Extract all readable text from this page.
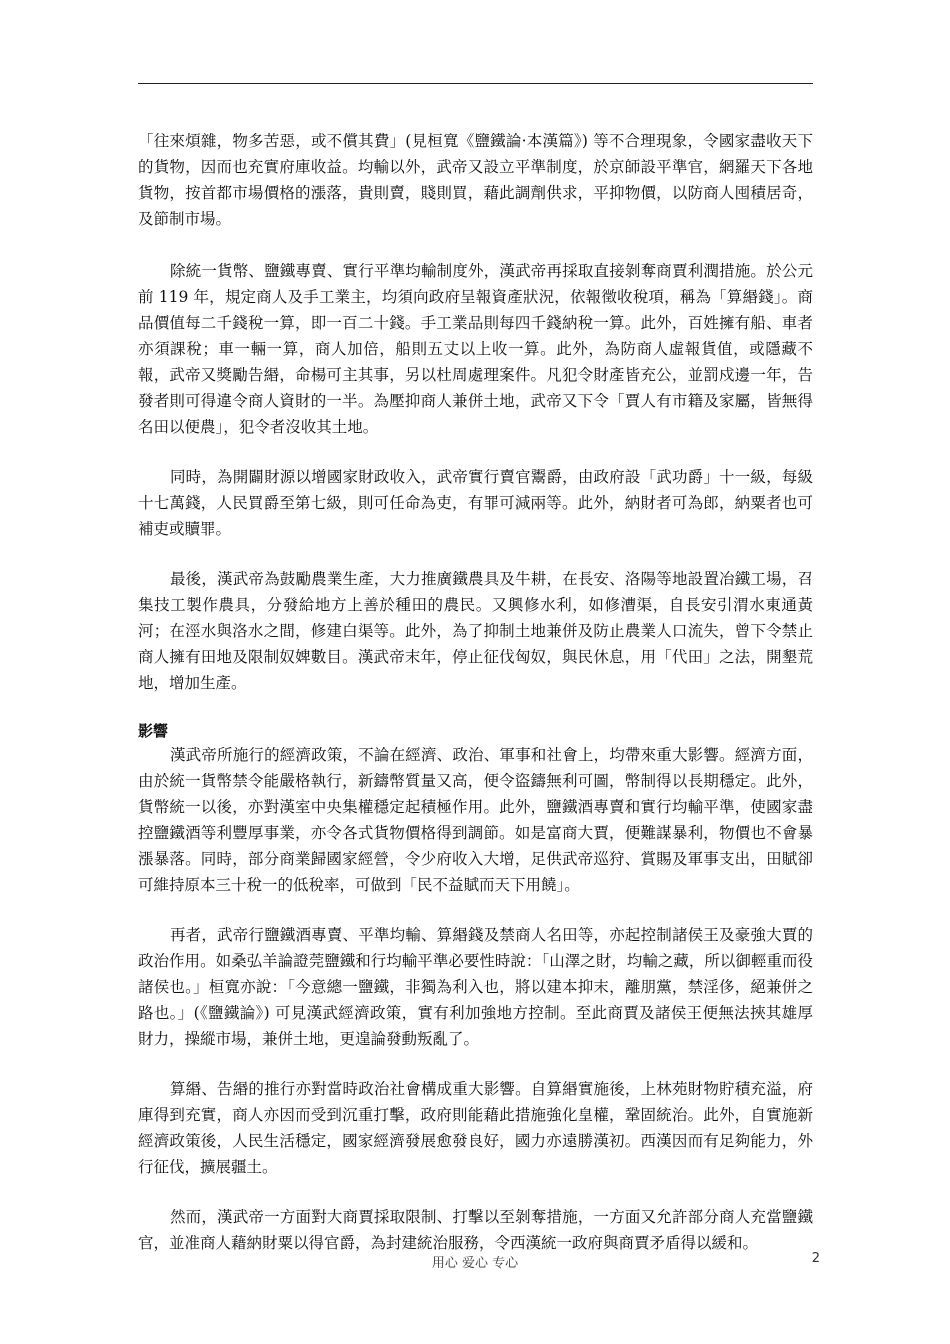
「往來煩雜，物多苦惡，或不償其費」(見桓寬《鹽鐵論·本漢篇》) 等不合理現象，令國家盡收天下的貨物，因而也充實府庫收益。均輸以外，武帝又設立平準制度，於京師設平準官，網羅天下各地貨物，按首都市場價格的漲落，貴則賣，賤則買，藉此調劑供求，平抑物價，以防商人囤積居奇，及節制市場。

除統一貨幣、鹽鐵專賣、實行平準均輸制度外，漢武帝再採取直接剝奪商賈利潤措施。於公元前 119 年，規定商人及手工業主，均須向政府呈報資產狀況，依報徵收稅項，稱為「算緡錢」。商品價值每二千錢稅一算，即一百二十錢。手工業品則每四千錢納稅一算。此外，百姓擁有船、車者亦須課稅；車一輛一算，商人加倍，船則五丈以上收一算。此外，為防商人虛報貨值，或隱藏不報，武帝又獎勵告緡，命楊可主其事，另以杜周處理案件。凡犯令財產皆充公，並罰戍邊一年，告發者則可得違令商人資財的一半。為壓抑商人兼併土地，武帝又下令「賈人有市籍及家屬，皆無得名田以便農」，犯令者沒收其土地。

同時，為開闢財源以增國家財政收入，武帝實行賣官鬻爵，由政府設「武功爵」十一級，每級十七萬錢，人民買爵至第七級，則可任命為吏，有罪可減兩等。此外，納財者可為郎，納粟者也可補吏或贖罪。

最後，漢武帝為鼓勵農業生產，大力推廣鐵農具及牛耕，在長安、洛陽等地設置冶鐵工場，召集技工製作農具，分發給地方上善於種田的農民。又興修水利，如修漕渠，自長安引渭水東通黃河；在涇水與洛水之間，修建白渠等。此外，為了抑制土地兼併及防止農業人口流失，曾下令禁止商人擁有田地及限制奴婢數目。漢武帝末年，停止征伐匈奴，與民休息，用「代田」之法，開墾荒地，增加生產。

影響

漢武帝所施行的經濟政策，不論在經濟、政治、軍事和社會上，均帶來重大影響。經濟方面，由於統一貨幣禁令能嚴格執行，新鑄幣質量又高，便令盜鑄無利可圖，幣制得以長期穩定。此外，貨幣統一以後，亦對漢室中央集權穩定起積極作用。此外，鹽鐵酒專賣和實行均輸平準，使國家盡控鹽鐵酒等利豐厚事業，亦令各式貨物價格得到調節。如是富商大賈，便難謀暴利，物價也不會暴漲暴落。同時，部分商業歸國家經營，令少府收入大增，足供武帝巡狩、賞賜及軍事支出，田賦卻可維持原本三十稅一的低稅率，可做到「民不益賦而天下用饒」。

再者，武帝行鹽鐵酒專賣、平準均輸、算緡錢及禁商人名田等，亦起控制諸侯王及豪強大賈的政治作用。如桑弘羊論證莞鹽鐵和行均輸平準必要性時說：「山澤之財，均輸之藏，所以御輕重而役諸侯也。」桓寬亦說：「今意總一鹽鐵，非獨為利入也，將以建本抑末，離朋黨，禁淫侈，絕兼併之路也。」(《鹽鐵論》) 可見漢武經濟政策，實有利加強地方控制。至此商賈及諸侯王便無法挾其雄厚財力，操縱市場，兼併土地，更遑論發動叛亂了。

算緡、告緡的推行亦對當時政治社會構成重大影響。自算緡實施後，上林苑財物貯積充溢，府庫得到充實，商人亦因而受到沉重打擊，政府則能藉此措施強化皇權，鞏固統治。此外，自實施新經濟政策後，人民生活穩定，國家經濟發展愈發良好，國力亦遠勝漢初。西漢因而有足夠能力，外行征伐，擴展疆土。

然而，漢武帝一方面對大商賈採取限制、打擊以至剝奪措施，一方面又允許部分商人充當鹽鐵官，並准商人藉納財粟以得官爵，為封建統治服務，令西漢統一政府與商賈矛盾得以緩和。

用心 爱心 专心	2
